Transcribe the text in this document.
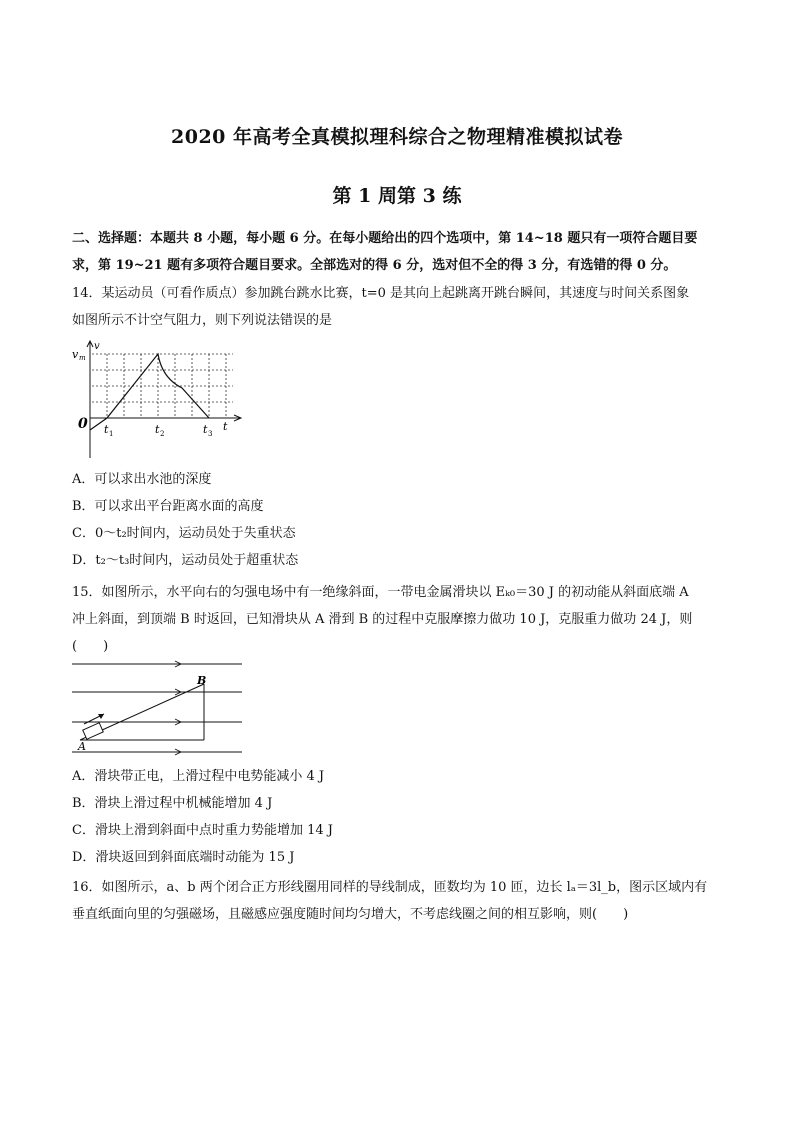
2020 年高考全真模拟理科综合之物理精准模拟试卷
第 1 周第 3 练
二、选择题：本题共 8 小题，每小题 6 分。在每小题给出的四个选项中，第 14~18 题只有一项符合题目要
求，第 19~21 题有多项符合题目要求。全部选对的得 6 分，选对但不全的得 3 分，有选错的得 0 分。
14．某运动员（可看作质点）参加跳台跳水比赛，t=0 是其向上起跳离开跳台瞬间，其速度与时间关系图象
如图所示不计空气阻力，则下列说法错误的是
v
v m
0 t 1	t 2	t 3
t
A．可以求出水池的深度
B．可以求出平台距离水面的高度
C．0～t₂时间内，运动员处于失重状态
D．t₂～t₃时间内，运动员处于超重状态
15．如图所示，水平向右的匀强电场中有一绝缘斜面，一带电金属滑块以 Eₖ₀＝30 J 的初动能从斜面底端 A
冲上斜面，到顶端 B 时返回，已知滑块从 A 滑到 B 的过程中克服摩擦力做功 10 J，克服重力做功 24 J，则
(　　)
A
B
A．滑块带正电，上滑过程中电势能减小 4 J
B．滑块上滑过程中机械能增加 4 J
C．滑块上滑到斜面中点时重力势能增加 14 J
D．滑块返回到斜面底端时动能为 15 J
16．如图所示，a、b 两个闭合正方形线圈用同样的导线制成，匝数均为 10 匝，边长 lₐ＝3l_b，图示区域内有
垂直纸面向里的匀强磁场，且磁感应强度随时间均匀增大，不考虑线圈之间的相互影响，则(　　)
